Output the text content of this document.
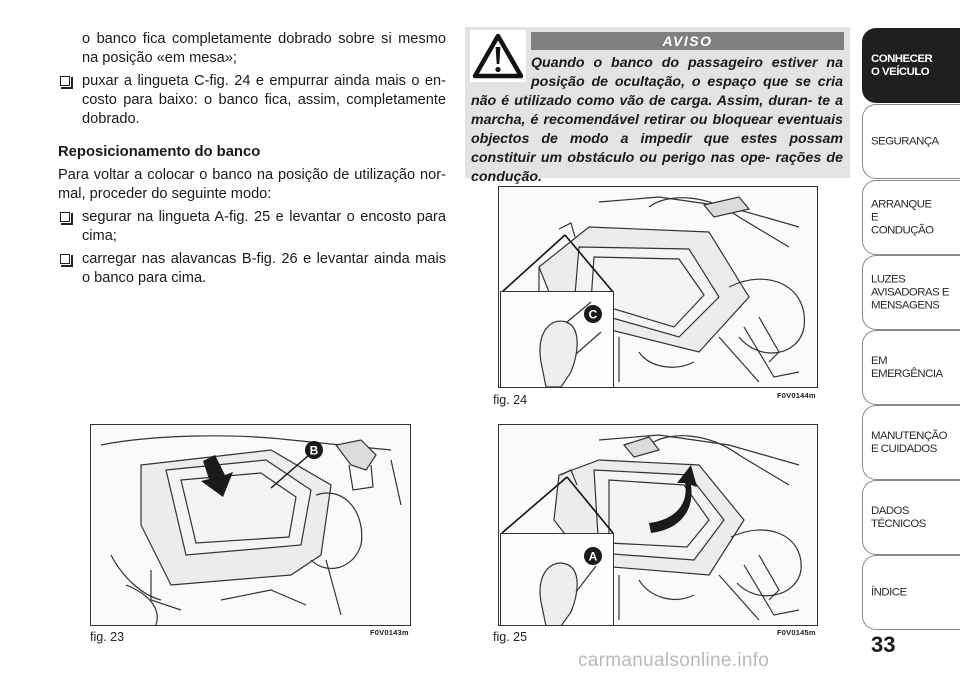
o banco fica completamente dobrado sobre si mesmo na posição «em mesa»;

puxar a lingueta C-fig. 24 e empurrar ainda mais o en- costo para baixo: o banco fica, assim, completamente dobrado.
Reposicionamento do banco

Para voltar a colocar o banco na posição de utilização nor- mal, proceder do seguinte modo:

segurar na lingueta A-fig. 25 e levantar o encosto para cima;
carregar nas alavancas B-fig. 26 e levantar ainda mais o banco para cima.
AVISO
Quando o banco do passageiro estiver na posição de ocultação, o espaço que se cria não é utilizado como vão de carga. Assim, duran- te a marcha, é recomendável retirar ou bloquear eventuais objectos de modo a impedir que estes possam constituir um obstáculo ou perigo nas ope- rações de condução.
C
fig. 24	F0V0144m
B
fig. 23	F0V0143m
A
fig. 25	F0V0145m
CONHECER O VEÍCULO
SEGURANÇA
ARRANQUE E CONDUÇÃO
LUZES AVISADORAS E MENSAGENS
EM EMERGÊNCIA
MANUTENÇÃO E CUIDADOS
DADOS TÉCNICOS
ÍNDICE
33
carmanualsonline.info
